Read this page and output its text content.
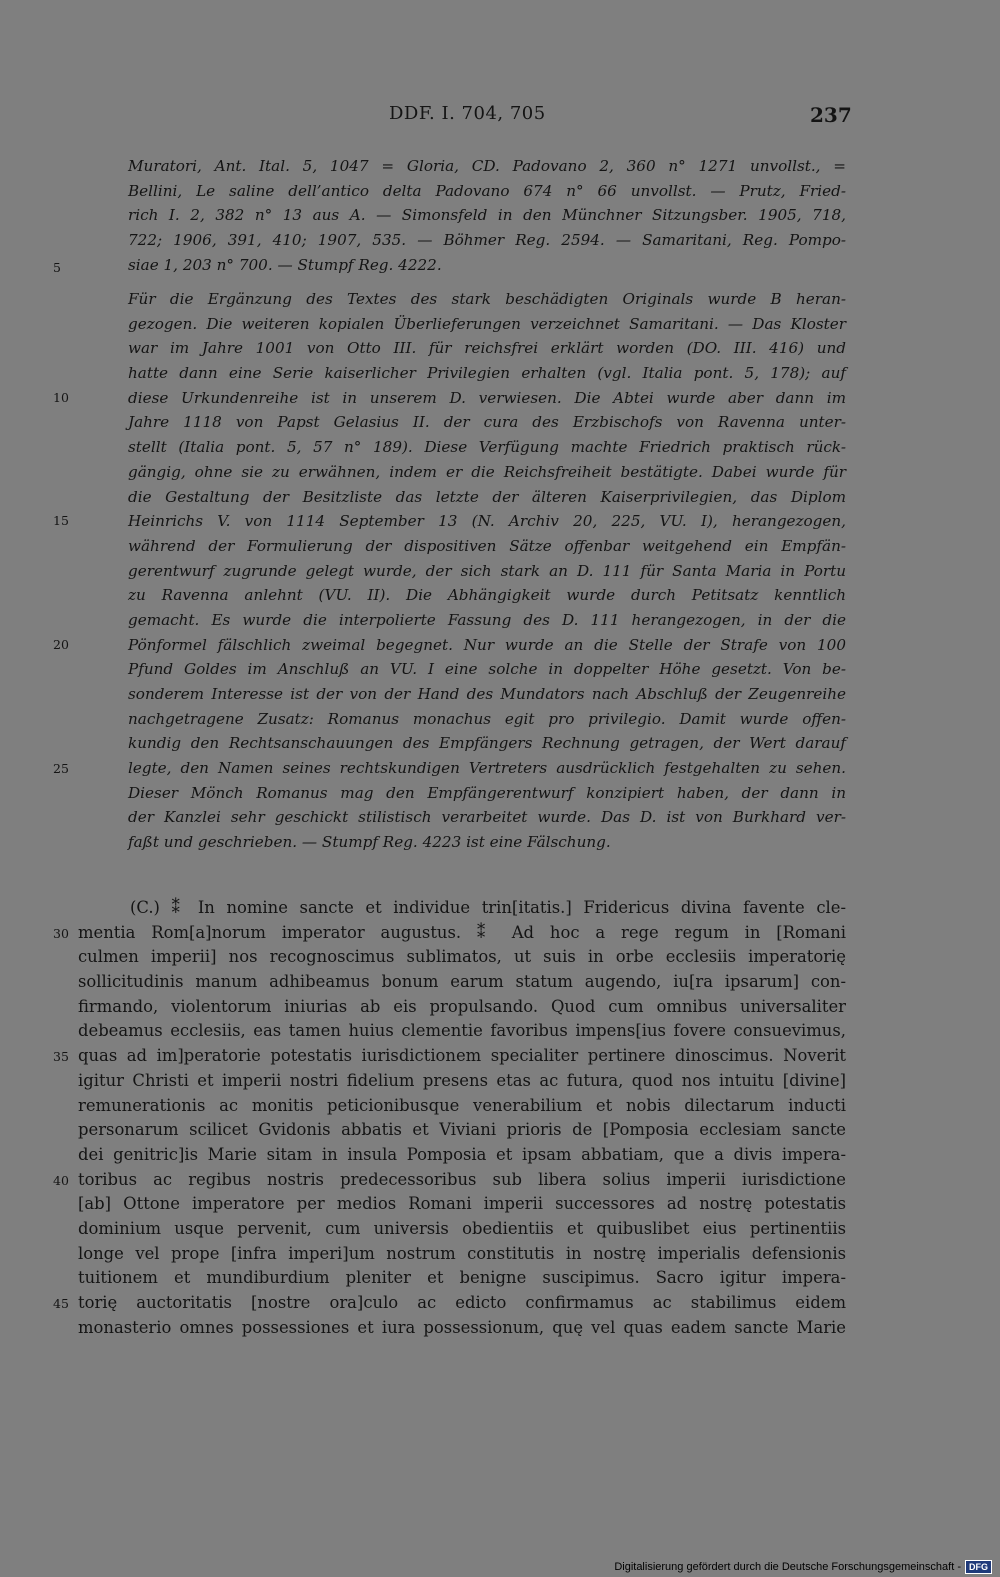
DDF. I. 704, 705	237
Muratori, Ant. Ital. 5, 1047 = Gloria, CD. Padovano 2, 360 n° 1271 unvollst., =
Bellini, Le saline dell’antico delta Padovano 674 n° 66 unvollst. — Prutz, Fried-
rich I. 2, 382 n° 13 aus A. — Simonsfeld in den Münchner Sitzungsber. 1905, 718,
722; 1906, 391, 410; 1907, 535. — Böhmer Reg. 2594. — Samaritani, Reg. Pompo-
siae 1, 203 n° 700. — Stumpf Reg. 4222.
Für die Ergänzung des Textes des stark beschädigten Originals wurde B heran-
gezogen. Die weiteren kopialen Überlieferungen verzeichnet Samaritani. — Das Kloster
war im Jahre 1001 von Otto III. für reichsfrei erklärt worden (DO. III. 416) und
hatte dann eine Serie kaiserlicher Privilegien erhalten (vgl. Italia pont. 5, 178); auf
diese Urkundenreihe ist in unserem D. verwiesen. Die Abtei wurde aber dann im
Jahre 1118 von Papst Gelasius II. der cura des Erzbischofs von Ravenna unter-
stellt (Italia pont. 5, 57 n° 189). Diese Verfügung machte Friedrich praktisch rück-
gängig, ohne sie zu erwähnen, indem er die Reichsfreiheit bestätigte. Dabei wurde für
die Gestaltung der Besitzliste das letzte der älteren Kaiserprivilegien, das Diplom
Heinrichs V. von 1114 September 13 (N. Archiv 20, 225, VU. I), herangezogen,
während der Formulierung der dispositiven Sätze offenbar weitgehend ein Empfän-
gerentwurf zugrunde gelegt wurde, der sich stark an D. 111 für Santa Maria in Portu
zu Ravenna anlehnt (VU. II). Die Abhängigkeit wurde durch Petitsatz kenntlich
gemacht. Es wurde die interpolierte Fassung des D. 111 herangezogen, in der die
Pönformel fälschlich zweimal begegnet. Nur wurde an die Stelle der Strafe von 100
Pfund Goldes im Anschluß an VU. I eine solche in doppelter Höhe gesetzt. Von be-
sonderem Interesse ist der von der Hand des Mundators nach Abschluß der Zeugenreihe
nachgetragene Zusatz: Romanus monachus egit pro privilegio. Damit wurde offen-
kundig den Rechtsanschauungen des Empfängers Rechnung getragen, der Wert darauf
legte, den Namen seines rechtskundigen Vertreters ausdrücklich festgehalten zu sehen.
Dieser Mönch Romanus mag den Empfängerentwurf konzipiert haben, der dann in
der Kanzlei sehr geschickt stilistisch verarbeitet wurde. Das D. ist von Burkhard ver-
faßt und geschrieben. — Stumpf Reg. 4223 ist eine Fälschung.
(C.) ⁑ In nomine sancte et individue trin[itatis.] Fridericus divina favente cle-
mentia Rom[a]norum imperator augustus. ⁑ Ad hoc a rege regum in [Romani
culmen imperii] nos recognoscimus sublimatos, ut suis in orbe ecclesiis imperatorię
sollicitudinis manum adhibeamus bonum earum statum augendo, iu[ra ipsarum] con-
firmando, violentorum iniurias ab eis propulsando. Quod cum omnibus universaliter
debeamus ecclesiis, eas tamen huius clementie favoribus impens[ius fovere consuevimus,
quas ad im]peratorie potestatis iurisdictionem specialiter pertinere dinoscimus. Noverit
igitur Christi et imperii nostri fidelium presens etas ac futura, quod nos intuitu [divine]
remunerationis ac monitis peticionibusque venerabilium et nobis dilectarum inducti
personarum scilicet Gvidonis abbatis et Viviani prioris de [Pomposia ecclesiam sancte
dei genitric]is Marie sitam in insula Pomposia et ipsam abbatiam, que a divis impera-
toribus ac regibus nostris predecessoribus sub libera solius imperii iurisdictione
[ab] Ottone imperatore per medios Romani imperii successores ad nostrę potestatis
dominium usque pervenit, cum universis obedientiis et quibuslibet eius pertinentiis
longe vel prope [infra imperi]um nostrum constitutis in nostrę imperialis defensionis
tuitionem et mundiburdium pleniter et benigne suscipimus. Sacro igitur impera-
torię auctoritatis [nostre ora]culo ac edicto confirmamus ac stabilimus eidem
monasterio omnes possessiones et iura possessionum, quę vel quas eadem sancte Marie
5
10
15
20
25
30
35
40
45
Digitalisierung gefördert durch die Deutsche Forschungsgemeinschaft - DFG
